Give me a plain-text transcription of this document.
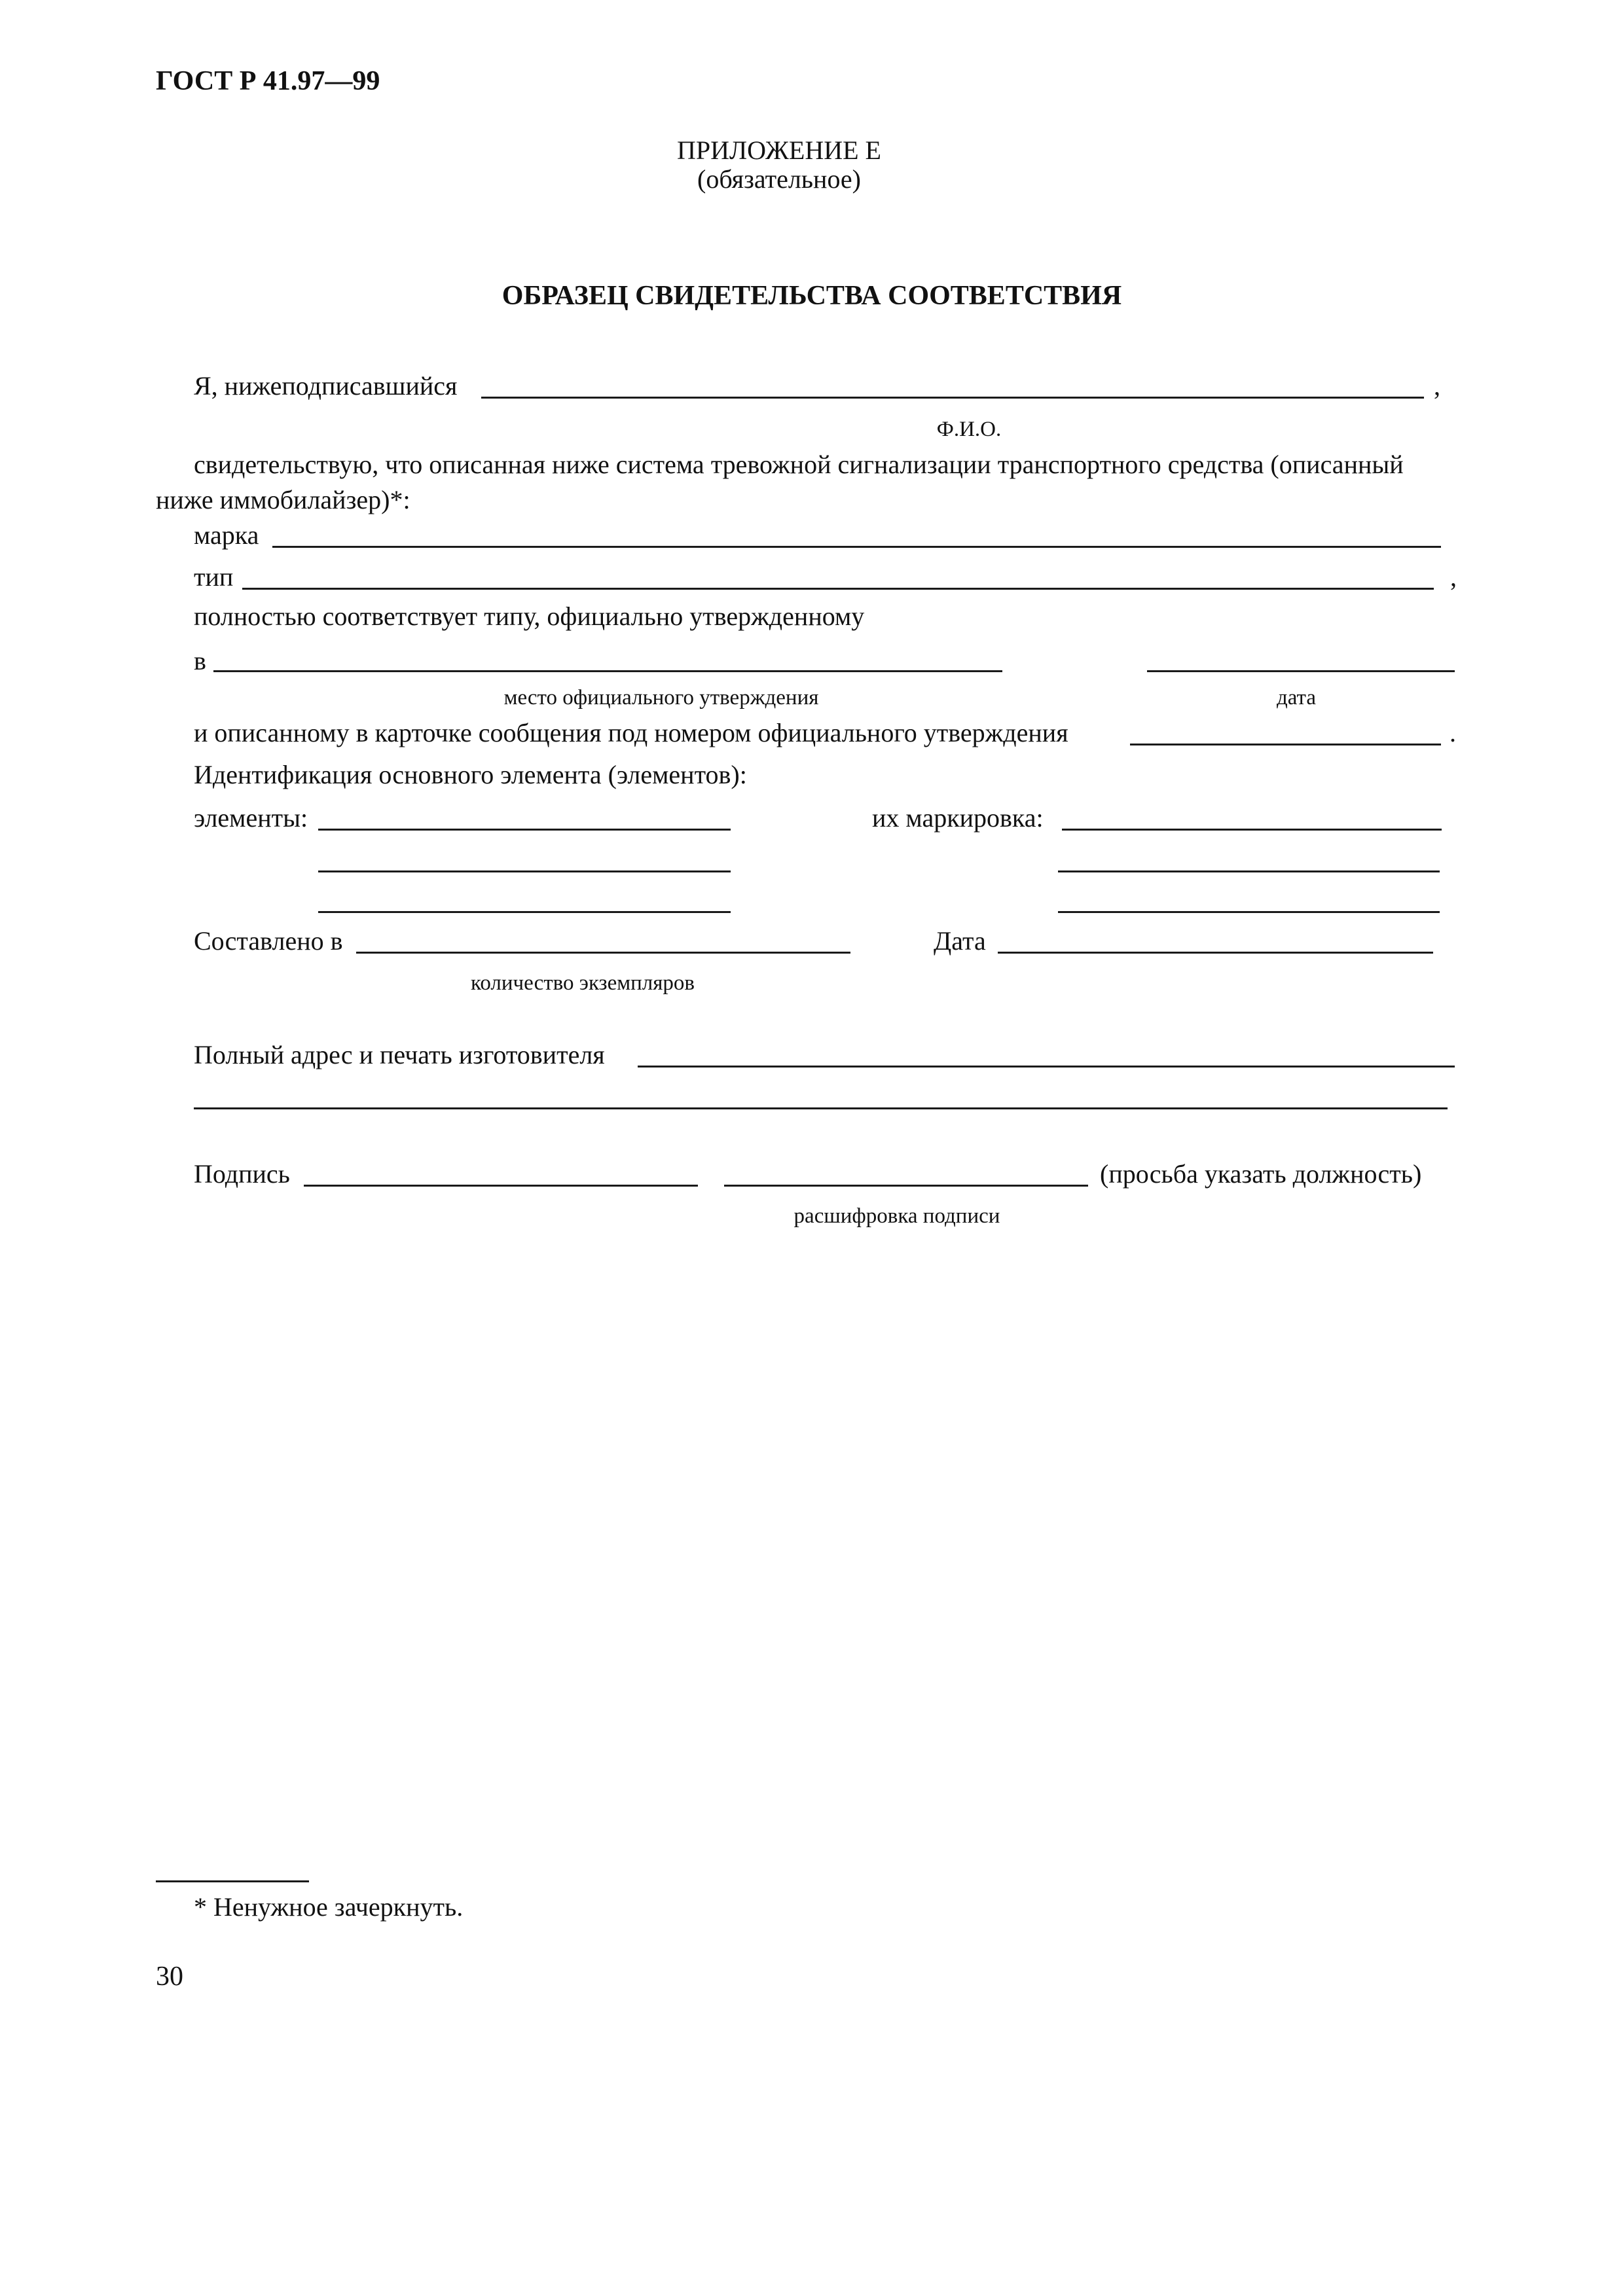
ГОСТ Р 41.97—99
ПРИЛОЖЕНИЕ Е
(обязательное)
ОБРАЗЕЦ СВИДЕТЕЛЬСТВА СООТВЕТСТВИЯ
Я, нижеподписавшийся	,
Ф.И.О.
свидетельствую, что описанная ниже система тревожной сигнализации транспортного средства (описанный
ниже иммобилайзер)*:
марка
тип	,
полностью соответствует типу, официально утвержденному
в
место официального утверждения	дата
и описанному в карточке сообщения под номером официального утверждения	.
Идентификация основного элемента (элементов):
элементы:	их маркировка:
Составлено в	Дата
количество экземпляров
Полный адрес и печать изготовителя
Подпись	(просьба указать должность)
расшифровка подписи
* Ненужное зачеркнуть.
30
